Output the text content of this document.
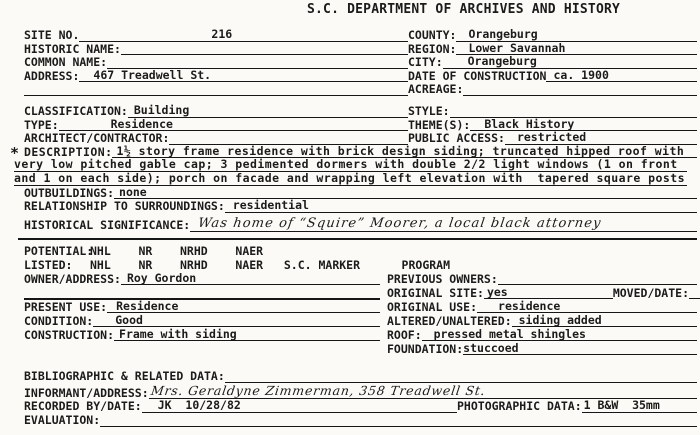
S.C. DEPARTMENT OF ARCHIVES AND HISTORY
*
SITE NO.	216	COUNTY:	Orangeburg
HISTORIC NAME:	REGION:	Lower Savannah
COMMON NAME:	CITY:	Orangeburg
ADDRESS:	467 Treadwell St.	DATE OF CONSTRUCTION ca. 1900
ACREAGE:
CLASSIFICATION: Building	STYLE:
TYPE:	Residence	THEME(S):	Black History
ARCHITECT/CONTRACTOR:	PUBLIC ACCESS:	restricted
DESCRIPTION: 1½ story frame residence with brick design siding; truncated hipped roof with
very low pitched gable cap; 3 pedimented dormers with double 2/2 light windows (1 on front
and 1 on each side); porch on facade and wrapping left elevation with  tapered square posts
OUTBUILDINGS: none
RELATIONSHIP TO SURROUNDINGS: residential
HISTORICAL SIGNIFICANCE: Was home of “Squire” Moorer, a local black attorney
POTENTIAL:
NHL    NR    NRHD    NAER
LISTED: NHL    NR    NRHD    NAER   S.C. MARKER      PROGRAM
OWNER/ADDRESS: Roy Gordon	PREVIOUS OWNERS:
ORIGINAL SITE: yes	MOVED/DATE:
PRESENT USE: Residence	ORIGINAL USE:	residence
CONDITION:	Good	ALTERED/UNALTERED: siding added
CONSTRUCTION: Frame with siding	ROOF:	pressed metal shingles
FOUNDATION: stuccoed
BIBLIOGRAPHIC & RELATED DATA:
INFORMANT/ADDRESS: Mrs. Geraldyne Zimmerman, 358 Treadwell St.
RECORDED BY/DATE:	JK  10/28/82	PHOTOGRAPHIC DATA: 1 B&W  35mm
EVALUATION:
